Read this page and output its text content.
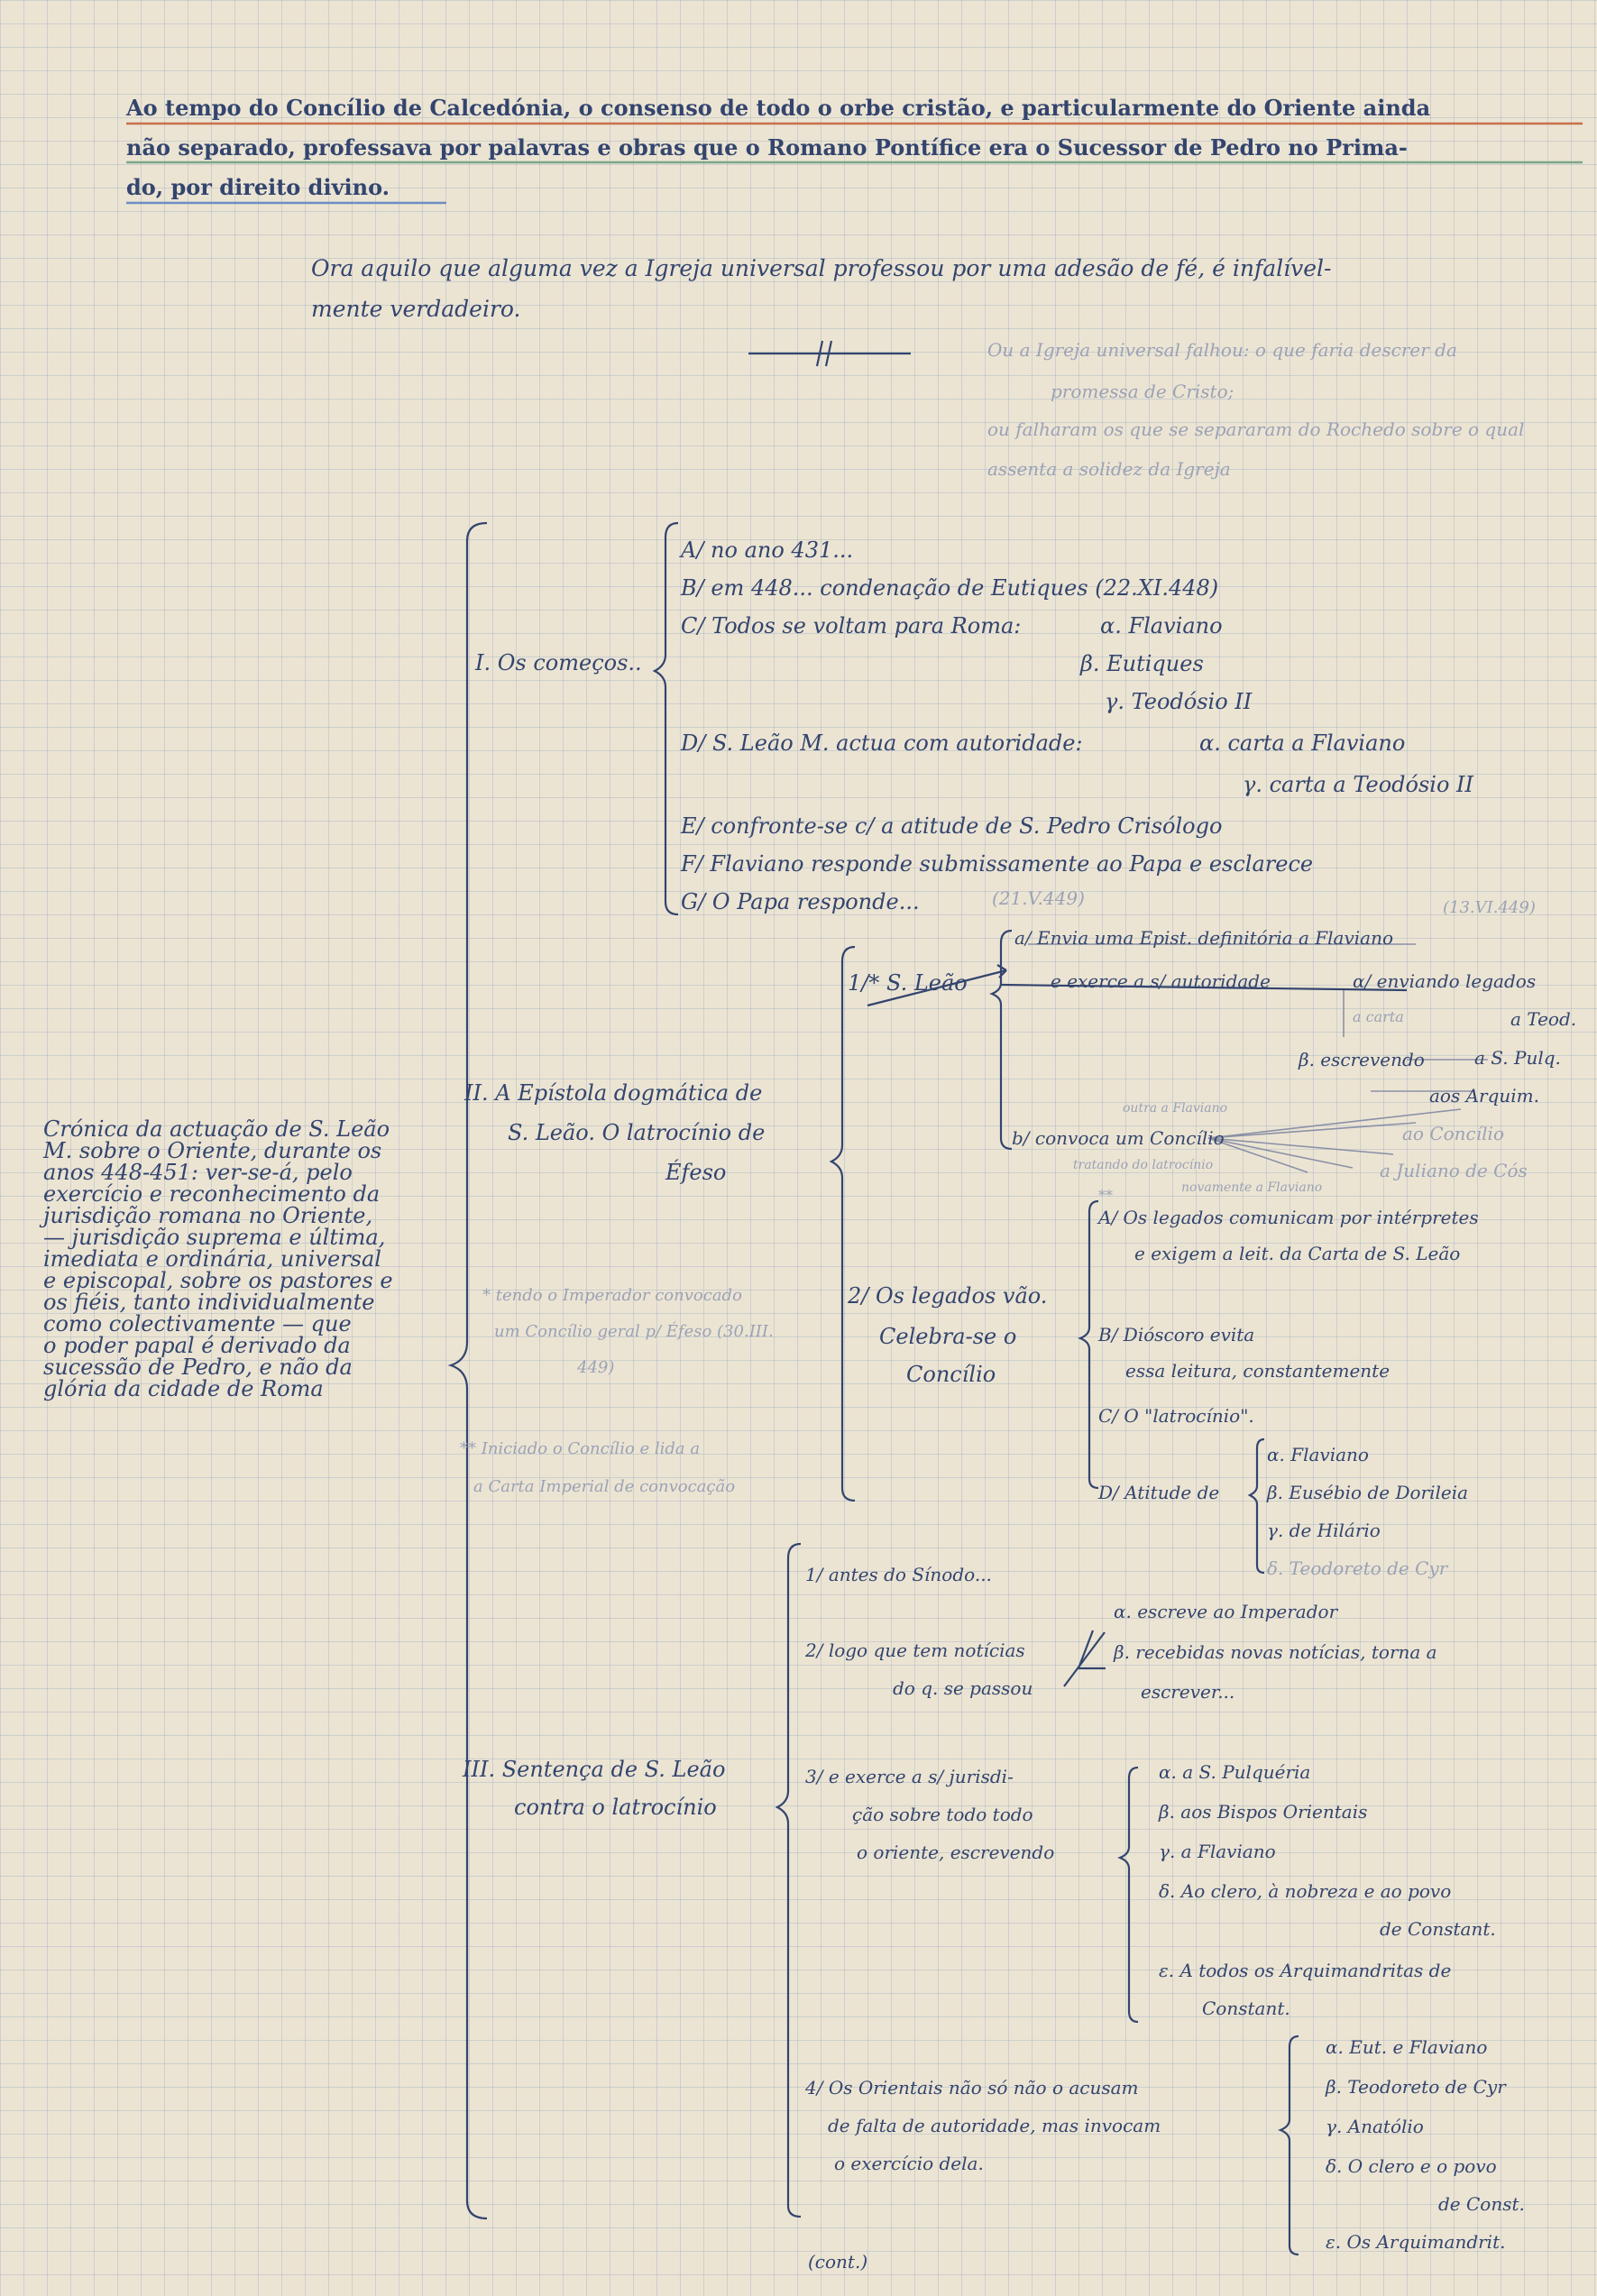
Ao tempo do Concílio de Calcedónia, o consenso de todo o orbe cristão, e particularmente do Oriente ainda
não separado, professava por palavras e obras que o Romano Pontífice era o Sucessor de Pedro no Prima-
do, por direito divino.
Ora aquilo que alguma vez a Igreja universal professou por uma adesão de fé, é infalível-
mente verdadeiro.
Ou a Igreja universal falhou: o que faria descrer da
promessa de Cristo;
ou falharam os que se separaram do Rochedo sobre o qual
assenta a solidez da Igreja
Crónica da actuação de S. Leão
M. sobre o Oriente, durante os
anos 448-451: ver-se-á, pelo
exercício e reconhecimento da
jurisdição romana no Oriente,
— jurisdição suprema e última,
imediata e ordinária, universal
e episcopal, sobre os pastores e
os fiéis, tanto individualmente
como colectivamente — que
o poder papal é derivado da
sucessão de Pedro, e não da
glória da cidade de Roma
I. Os começos..
A/ no ano 431...
B/ em 448... condenação de Eutiques (22.XI.448)
C/ Todos se voltam para Roma:	α. Flaviano
β. Eutiques
γ. Teodósio II
D/ S. Leão M. actua com autoridade:	α. carta a Flaviano
γ. carta a Teodósio II
E/ confronte-se c/ a atitude de S. Pedro Crisólogo
F/ Flaviano responde submissamente ao Papa e esclarece
G/ O Papa responde...	(21.V.449)
II. A Epístola dogmática de
S. Leão. O latrocínio de
Éfeso
* tendo o Imperador convocado
um Concílio geral p/ Éfeso (30.III.
449)
** Iniciado o Concílio e lida a
a Carta Imperial de convocação
1/* S. Leão
(13.VI.449)
a/ Envia uma Epist. definitória a Flaviano
e exerce a s/ autoridade	α/ enviando legados
a carta	a Teod.
β. escrevendo	a S. Pulq.
aos Arquim.
ao Concílio
a Juliano de Cós
b/ convoca um Concílio
outra a Flaviano
tratando do latrocínio
novamente a Flaviano
2/ Os legados vão.
Celebra-se o
Concílio
**
A/ Os legados comunicam por intérpretes
e exigem a leit. da Carta de S. Leão
B/ Dióscoro evita
essa leitura, constantemente
C/ O "latrocínio".
D/ Atitude de
α. Flaviano
β. Eusébio de Dorileia
γ. de Hilário
δ. Teodoreto de Cyr
III. Sentença de S. Leão
contra o latrocínio
1/ antes do Sínodo...
2/ logo que tem notícias
do q. se passou
α. escreve ao Imperador
β. recebidas novas notícias, torna a
escrever...
3/ e exerce a s/ jurisdi-
ção sobre todo todo
o oriente, escrevendo
α. a S. Pulquéria
β. aos Bispos Orientais
γ. a Flaviano
δ. Ao clero, à nobreza e ao povo
de Constant.
ε. A todos os Arquimandritas de
Constant.
4/ Os Orientais não só não o acusam
de falta de autoridade, mas invocam
o exercício dela.
α. Eut. e Flaviano
β. Teodoreto de Cyr
γ. Anatólio
δ. O clero e o povo
de Const.
ε. Os Arquimandrit.
(cont.)
